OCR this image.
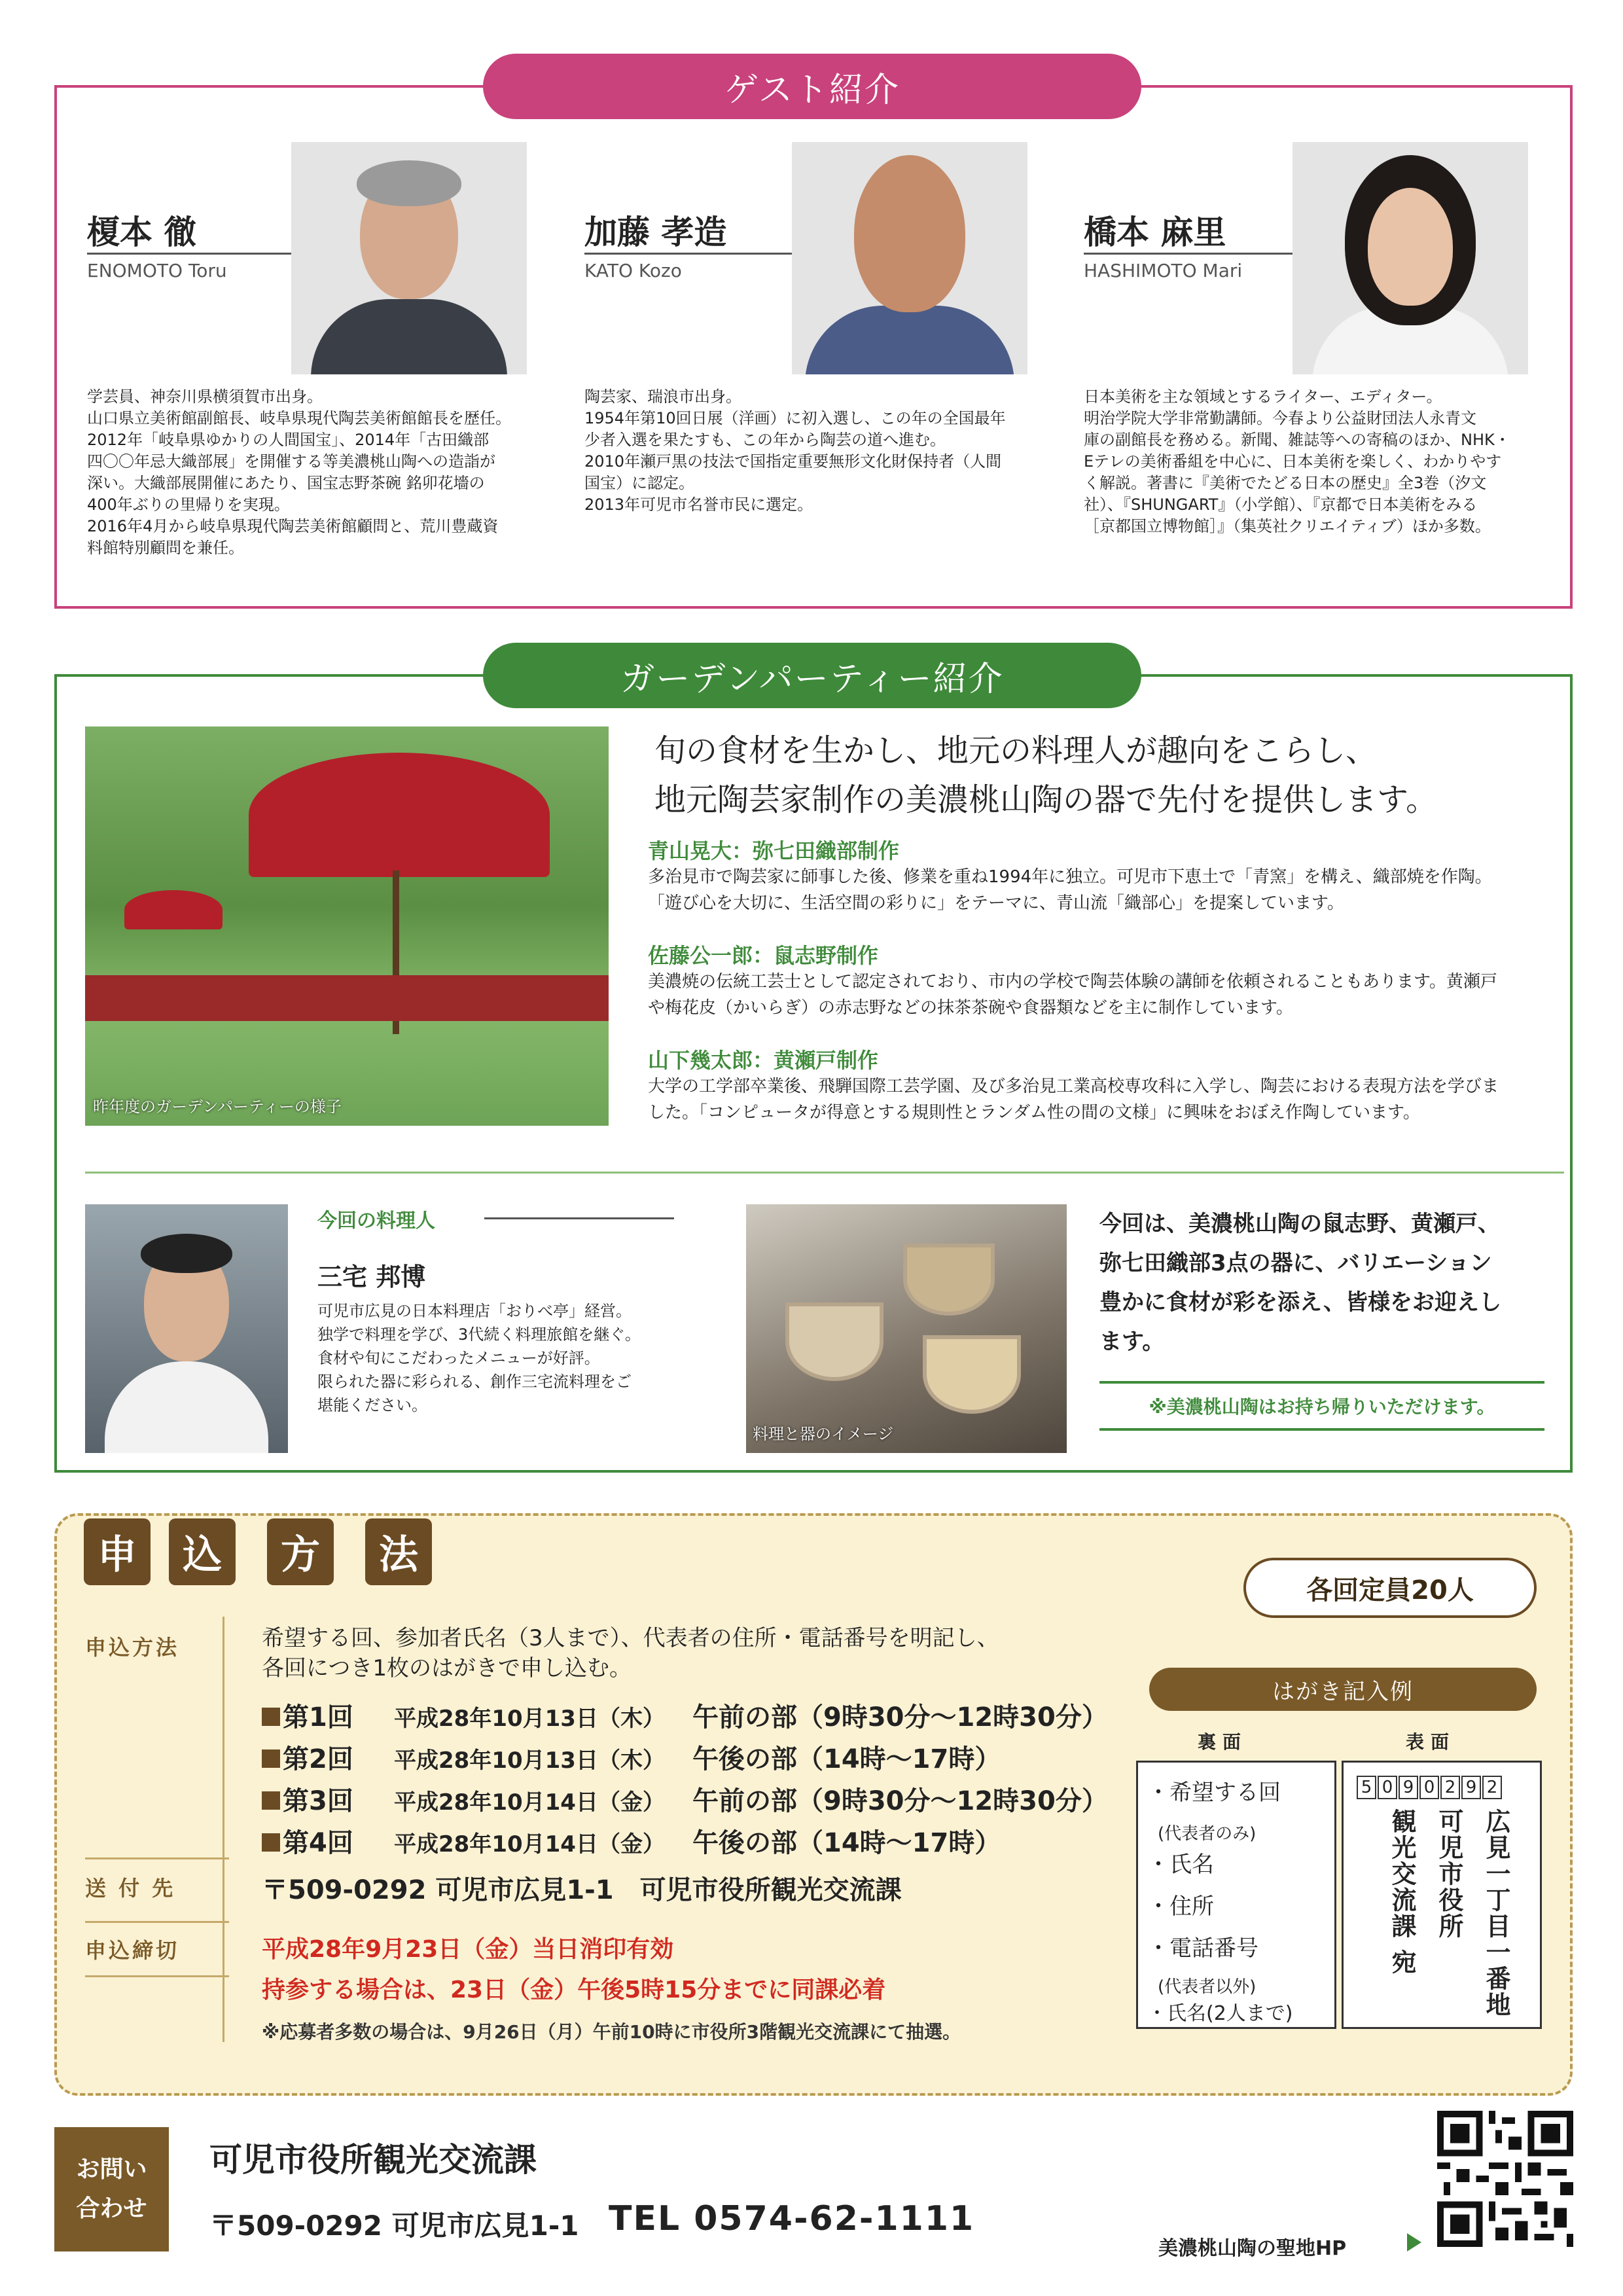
ゲスト紹介
榎本 徹
ENOMOTO Toru

学芸員、神奈川県横須賀市出身。

山口県立美術館副館長、岐阜県現代陶芸美術館館長を歴任。

2012年「岐阜県ゆかりの人間国宝」、2014年「古田織部

四〇〇年忌大織部展」を開催する等美濃桃山陶への造詣が

深い。大織部展開催にあたり、国宝志野茶碗 銘卯花墻の

400年ぶりの里帰りを実現。

2016年4月から岐阜県現代陶芸美術館顧問と、荒川豊蔵資

料館特別顧問を兼任。

加藤 孝造
KATO Kozo

陶芸家、瑞浪市出身。

1954年第10回日展（洋画）に初入選し、この年の全国最年

少者入選を果たすも、この年から陶芸の道へ進む。

2010年瀬戸黒の技法で国指定重要無形文化財保持者（人間

国宝）に認定。

2013年可児市名誉市民に選定。

橋本 麻里
HASHIMOTO Mari

日本美術を主な領域とするライター、エディター。

明治学院大学非常勤講師。今春より公益財団法人永青文

庫の副館長を務める。新聞、雑誌等への寄稿のほか、NHK・

Eテレの美術番組を中心に、日本美術を楽しく、わかりやす

く解説。著書に『美術でたどる日本の歴史』全3巻（汐文

社）、『SHUNGART』（小学館）、『京都で日本美術をみる

［京都国立博物館］』（集英社クリエイティブ）ほか多数。

ガーデンパーティー紹介
昨年度のガーデンパーティーの様子

旬の食材を生かし、地元の料理人が趣向をこらし、

地元陶芸家制作の美濃桃山陶の器で先付を提供します。

青山晃大：弥七田織部制作

多治見市で陶芸家に師事した後、修業を重ね1994年に独立。可児市下恵土で「青窯」を構え、織部焼を作陶。

「遊び心を大切に、生活空間の彩りに」をテーマに、青山流「織部心」を提案しています。

佐藤公一郎：鼠志野制作

美濃焼の伝統工芸士として認定されており、市内の学校で陶芸体験の講師を依頼されることもあります。黄瀬戸

や梅花皮（かいらぎ）の赤志野などの抹茶茶碗や食器類などを主に制作しています。

山下幾太郎：黄瀬戸制作

大学の工学部卒業後、飛騨国際工芸学園、及び多治見工業高校専攻科に入学し、陶芸における表現方法を学びま

した。「コンピュータが得意とする規則性とランダム性の間の文様」に興味をおぼえ作陶しています。

今回の料理人
三宅 邦博

可児市広見の日本料理店「おりべ亭」経営。

独学で料理を学び、3代続く料理旅館を継ぐ。

食材や旬にこだわったメニューが好評。

限られた器に彩られる、創作三宅流料理をご

堪能ください。

料理と器のイメージ

今回は、美濃桃山陶の鼠志野、黄瀬戸、

弥七田織部3点の器に、バリエーション

豊かに食材が彩を添え、皆様をお迎えし

ます。

※美濃桃山陶はお持ち帰りいただけます。
申	込	方	法
各回定員20人
申込方法
送 付 先
申込締切

希望する回、参加者氏名（3人まで）、代表者の住所・電話番号を明記し、

各回につき1枚のはがきで申し込む。

第1回	平成28年10月13日（木）	午前の部（9時30分～12時30分）
第2回	平成28年10月13日（木）	午後の部（14時～17時）
第3回	平成28年10月14日（金）	午前の部（9時30分～12時30分）
第4回	平成28年10月14日（金）	午後の部（14時～17時）
〒509-0292 可児市広見1-1　可児市役所観光交流課
平成28年9月23日（金）当日消印有効
持参する場合は、23日（金）午後5時15分までに同課必着
※応募者多数の場合は、9月26日（月）午前10時に市役所3階観光交流課にて抽選。
はがき記入例
裏面	表面
・希望する回
(代表者のみ)
・氏名
・住所
・電話番号
(代表者以外)
・氏名(2人まで)
5 0 9 0 2 9 2
広見一丁目一番地
可児市役所
観光交流課 宛

お問い

合わせ

可児市役所観光交流課
〒509-0292 可児市広見1-1 TEL 0574-62-1111
美濃桃山陶の聖地HP
